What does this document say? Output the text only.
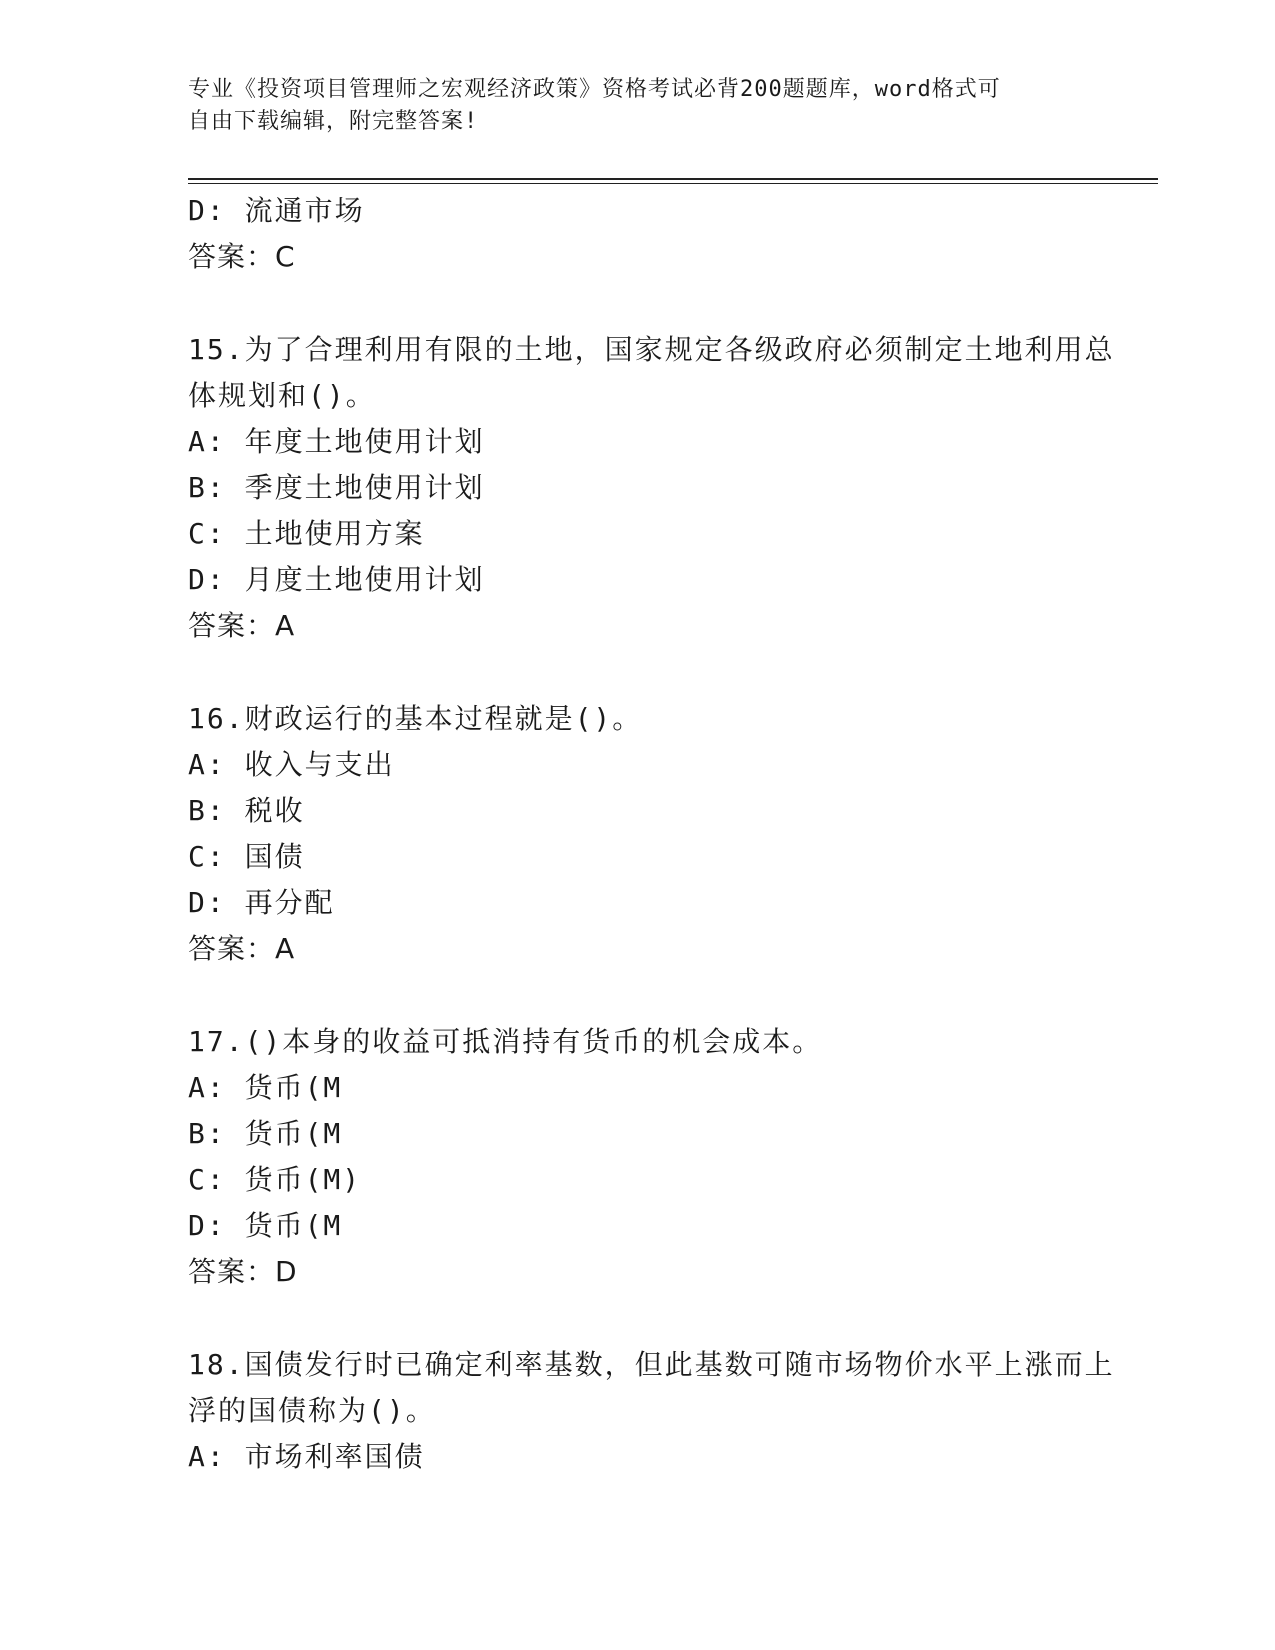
专业《投资项目管理师之宏观经济政策》资格考试必背200题题库，word格式可
自由下载编辑，附完整答案!
D: 流通市场
答案：C
15.为了合理利用有限的土地，国家规定各级政府必须制定土地利用总
体规划和()。
A: 年度土地使用计划
B: 季度土地使用计划
C: 土地使用方案
D: 月度土地使用计划
答案：A
16.财政运行的基本过程就是()。
A: 收入与支出
B: 税收
C: 国债
D: 再分配
答案：A
17.()本身的收益可抵消持有货币的机会成本。
A: 货币(M
B: 货币(M
C: 货币(M)
D: 货币(M
答案：D
18.国债发行时已确定利率基数，但此基数可随市场物价水平上涨而上
浮的国债称为()。
A: 市场利率国债
